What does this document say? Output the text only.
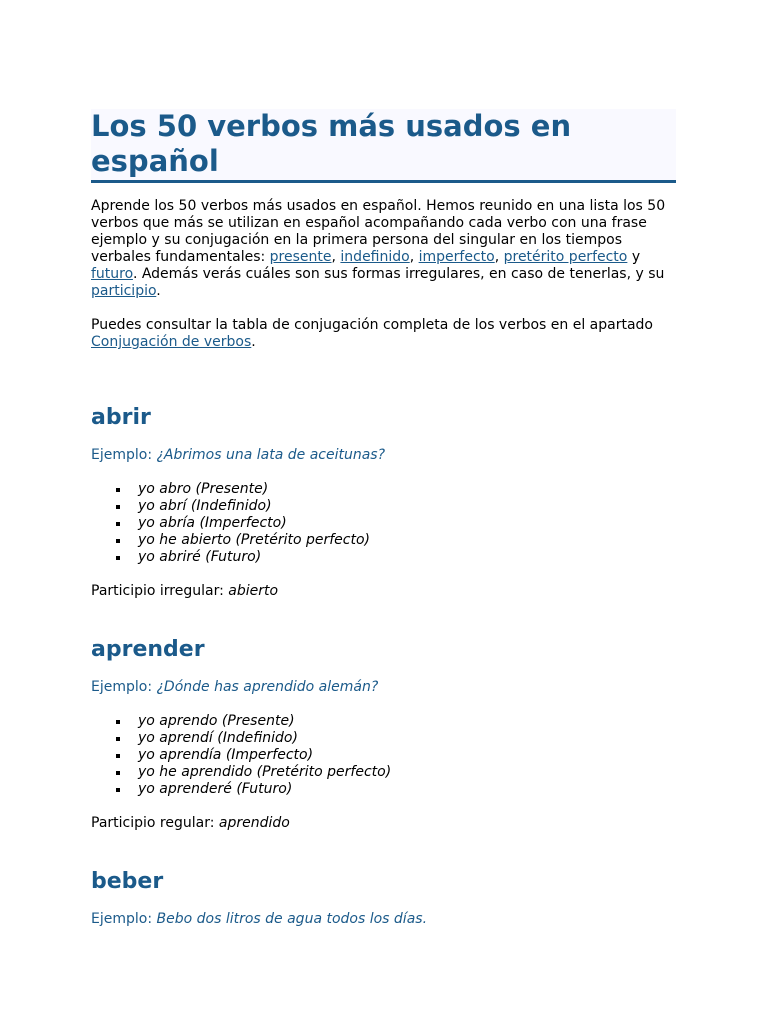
Los 50 verbos más usados en español

Aprende los 50 verbos más usados en español. Hemos reunido en una lista los 50 verbos que más se utilizan en español acompañando cada verbo con una frase ejemplo y su conjugación en la primera persona del singular en los tiempos verbales fundamentales: presente, indefinido, imperfecto, pretérito perfecto y futuro. Además verás cuáles son sus formas irregulares, en caso de tenerlas, y su participio.

Puedes consultar la tabla de conjugación completa de los verbos en el apartado Conjugación de verbos.

abrir

Ejemplo: ¿Abrimos una lata de aceitunas?

yo abro (Presente)
yo abrí (Indefinido)
yo abría (Imperfecto)
yo he abierto (Pretérito perfecto)
yo abriré (Futuro)

Participio irregular: abierto

aprender

Ejemplo: ¿Dónde has aprendido alemán?

yo aprendo (Presente)
yo aprendí (Indefinido)
yo aprendía (Imperfecto)
yo he aprendido (Pretérito perfecto)
yo aprenderé (Futuro)

Participio regular: aprendido

beber

Ejemplo: Bebo dos litros de agua todos los días.
